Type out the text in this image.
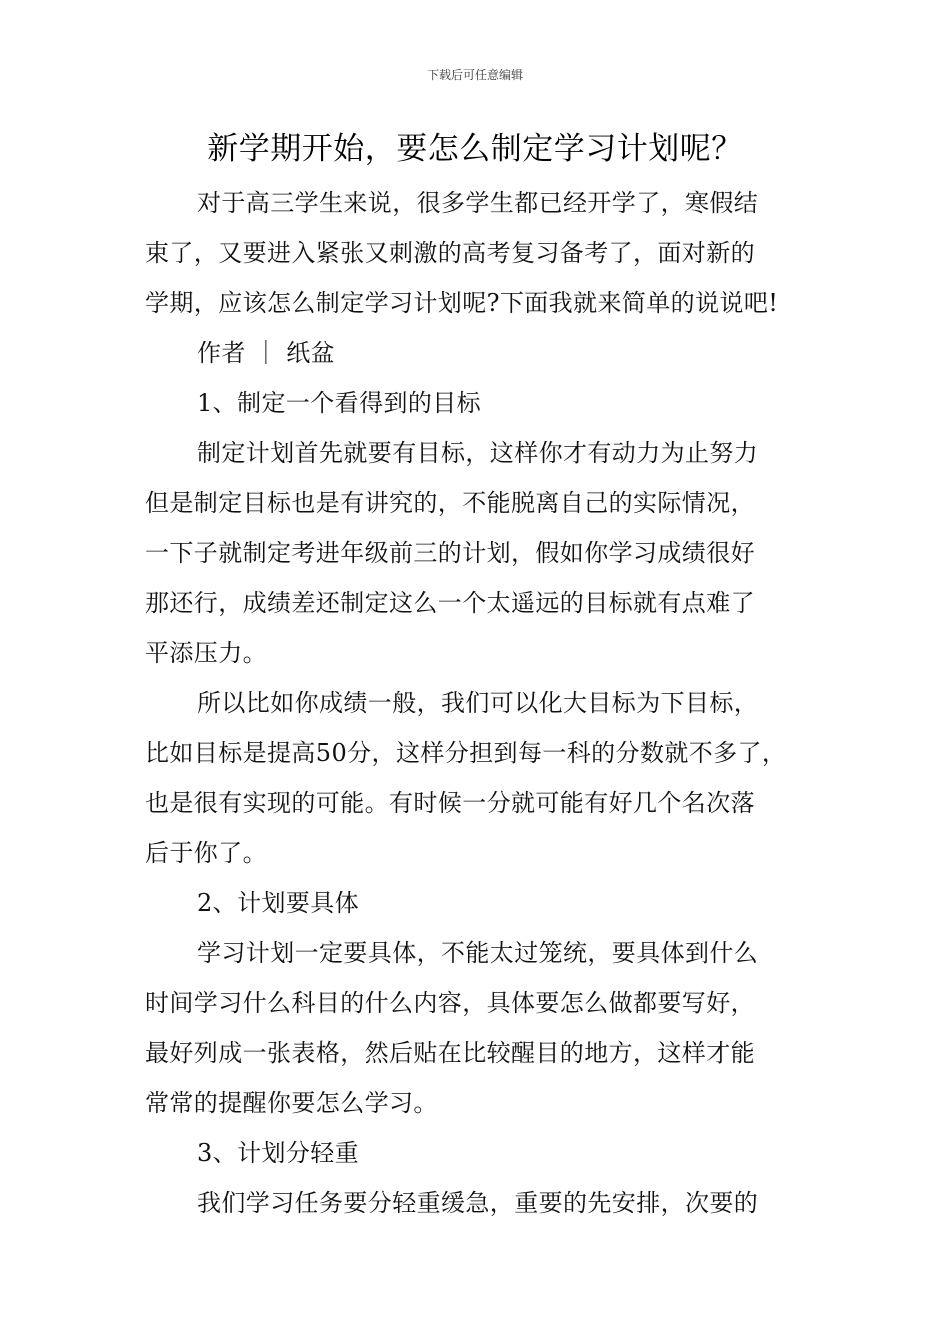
下载后可任意编辑
新学期开始，要怎么制定学习计划呢？
对于高三学生来说，很多学生都已经开学了，寒假结
束了，又要进入紧张又刺激的高考复习备考了，面对新的
学期，应该怎么制定学习计划呢?下面我就来简单的说说吧!
作者 ｜ 纸盆
1、制定一个看得到的目标
制定计划首先就要有目标，这样你才有动力为止努力
但是制定目标也是有讲究的，不能脱离自己的实际情况，
一下子就制定考进年级前三的计划，假如你学习成绩很好
那还行，成绩差还制定这么一个太遥远的目标就有点难了
平添压力。
所以比如你成绩一般，我们可以化大目标为下目标，
比如目标是提高50分，这样分担到每一科的分数就不多了，
也是很有实现的可能。有时候一分就可能有好几个名次落
后于你了。
2、计划要具体
学习计划一定要具体，不能太过笼统，要具体到什么
时间学习什么科目的什么内容，具体要怎么做都要写好，
最好列成一张表格，然后贴在比较醒目的地方，这样才能
常常的提醒你要怎么学习。
3、计划分轻重
我们学习任务要分轻重缓急，重要的先安排，次要的
